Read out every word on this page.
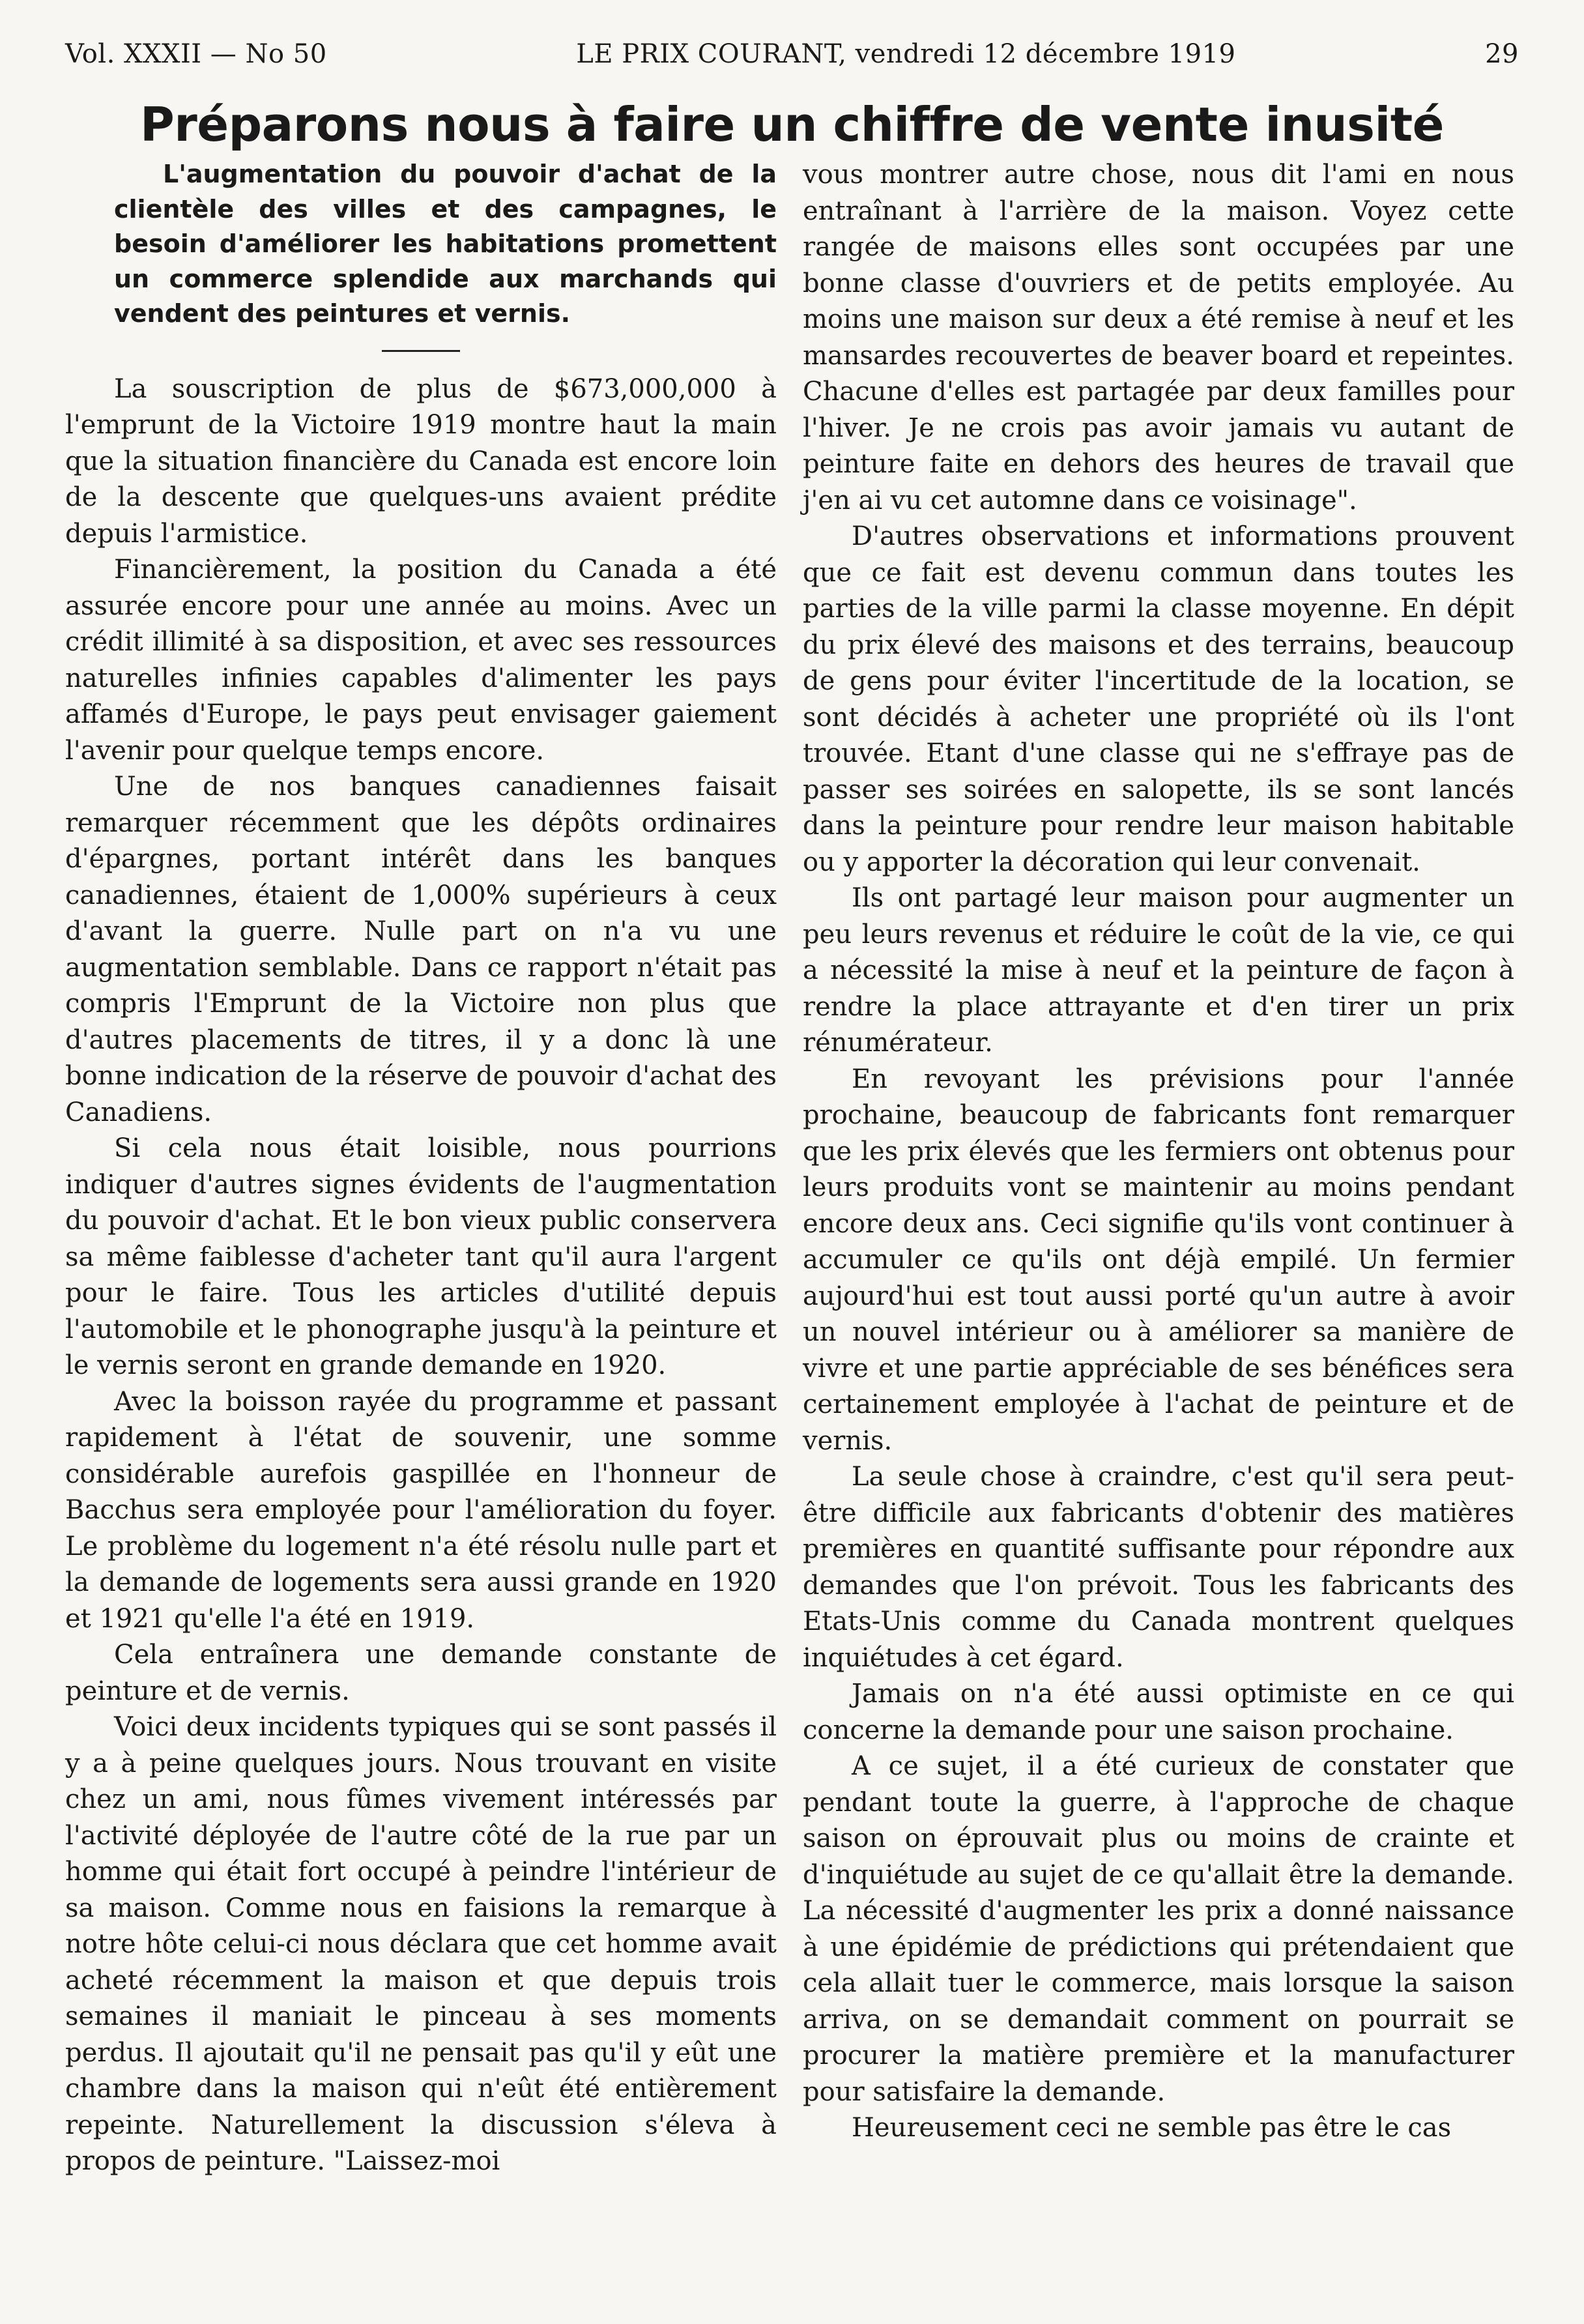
Vol. XXXII — No 50	LE PRIX COURANT, vendredi 12 décembre 1919	29
Préparons nous à faire un chiffre de vente inusité

L'augmentation du pouvoir d'achat de la clientèle des villes et des campagnes, le besoin d'améliorer les habitations promettent un commerce splendide aux marchands qui vendent des peintures et vernis.

La souscription de plus de $673,000,000 à l'emprunt de la Victoire 1919 montre haut la main que la situation financière du Canada est encore loin de la descente que quelques-uns avaient prédite depuis l'armistice.

Financièrement, la position du Canada a été assurée encore pour une année au moins. Avec un crédit illimité à sa disposition, et avec ses ressources naturelles infinies capables d'alimenter les pays affamés d'Europe, le pays peut envisager gaiement l'avenir pour quelque temps encore.

Une de nos banques canadiennes faisait remarquer récemment que les dépôts ordinaires d'épargnes, portant intérêt dans les banques canadiennes, étaient de 1,000% supérieurs à ceux d'avant la guerre. Nulle part on n'a vu une augmentation semblable. Dans ce rapport n'était pas compris l'Emprunt de la Victoire non plus que d'autres placements de titres, il y a donc là une bonne indication de la réserve de pouvoir d'achat des Canadiens.

Si cela nous était loisible, nous pourrions indiquer d'autres signes évidents de l'augmentation du pouvoir d'achat. Et le bon vieux public conservera sa même faiblesse d'acheter tant qu'il aura l'argent pour le faire. Tous les articles d'utilité depuis l'automobile et le phonographe jusqu'à la peinture et le vernis seront en grande demande en 1920.

Avec la boisson rayée du programme et passant rapidement à l'état de souvenir, une somme considérable aurefois gaspillée en l'honneur de Bacchus sera employée pour l'amélioration du foyer. Le problème du logement n'a été résolu nulle part et la demande de logements sera aussi grande en 1920 et 1921 qu'elle l'a été en 1919.

Cela entraînera une demande constante de peinture et de vernis.

Voici deux incidents typiques qui se sont passés il y a à peine quelques jours. Nous trouvant en visite chez un ami, nous fûmes vivement intéressés par l'activité déployée de l'autre côté de la rue par un homme qui était fort occupé à peindre l'intérieur de sa maison. Comme nous en faisions la remarque à notre hôte celui-ci nous déclara que cet homme avait acheté récemment la maison et que depuis trois semaines il maniait le pinceau à ses moments perdus. Il ajoutait qu'il ne pensait pas qu'il y eût une chambre dans la maison qui n'eût été entièrement repeinte. Naturellement la discussion s'éleva à propos de peinture. "Laissez-moi

vous montrer autre chose, nous dit l'ami en nous entraînant à l'arrière de la maison. Voyez cette rangée de maisons elles sont occupées par une bonne classe d'ouvriers et de petits employée. Au moins une maison sur deux a été remise à neuf et les mansardes recouvertes de beaver board et repeintes. Chacune d'elles est partagée par deux familles pour l'hiver. Je ne crois pas avoir jamais vu autant de peinture faite en dehors des heures de travail que j'en ai vu cet automne dans ce voisinage".

D'autres observations et informations prouvent que ce fait est devenu commun dans toutes les parties de la ville parmi la classe moyenne. En dépit du prix élevé des maisons et des terrains, beaucoup de gens pour éviter l'incertitude de la location, se sont décidés à acheter une propriété où ils l'ont trouvée. Etant d'une classe qui ne s'effraye pas de passer ses soirées en salopette, ils se sont lancés dans la peinture pour rendre leur maison habitable ou y apporter la décoration qui leur convenait.

Ils ont partagé leur maison pour augmenter un peu leurs revenus et réduire le coût de la vie, ce qui a nécessité la mise à neuf et la peinture de façon à rendre la place attrayante et d'en tirer un prix rénumérateur.

En revoyant les prévisions pour l'année prochaine, beaucoup de fabricants font remarquer que les prix élevés que les fermiers ont obtenus pour leurs produits vont se maintenir au moins pendant encore deux ans. Ceci signifie qu'ils vont continuer à accumuler ce qu'ils ont déjà empilé. Un fermier aujourd'hui est tout aussi porté qu'un autre à avoir un nouvel intérieur ou à améliorer sa manière de vivre et une partie appréciable de ses bénéfices sera certainement employée à l'achat de peinture et de vernis.

La seule chose à craindre, c'est qu'il sera peut-être difficile aux fabricants d'obtenir des matières premières en quantité suffisante pour répondre aux demandes que l'on prévoit. Tous les fabricants des Etats-Unis comme du Canada montrent quelques inquiétudes à cet égard.

Jamais on n'a été aussi optimiste en ce qui concerne la demande pour une saison prochaine.

A ce sujet, il a été curieux de constater que pendant toute la guerre, à l'approche de chaque saison on éprouvait plus ou moins de crainte et d'inquiétude au sujet de ce qu'allait être la demande. La nécessité d'augmenter les prix a donné naissance à une épidémie de prédictions qui prétendaient que cela allait tuer le commerce, mais lorsque la saison arriva, on se demandait comment on pourrait se procurer la matière première et la manufacturer pour satisfaire la demande.

Heureusement ceci ne semble pas être le cas
